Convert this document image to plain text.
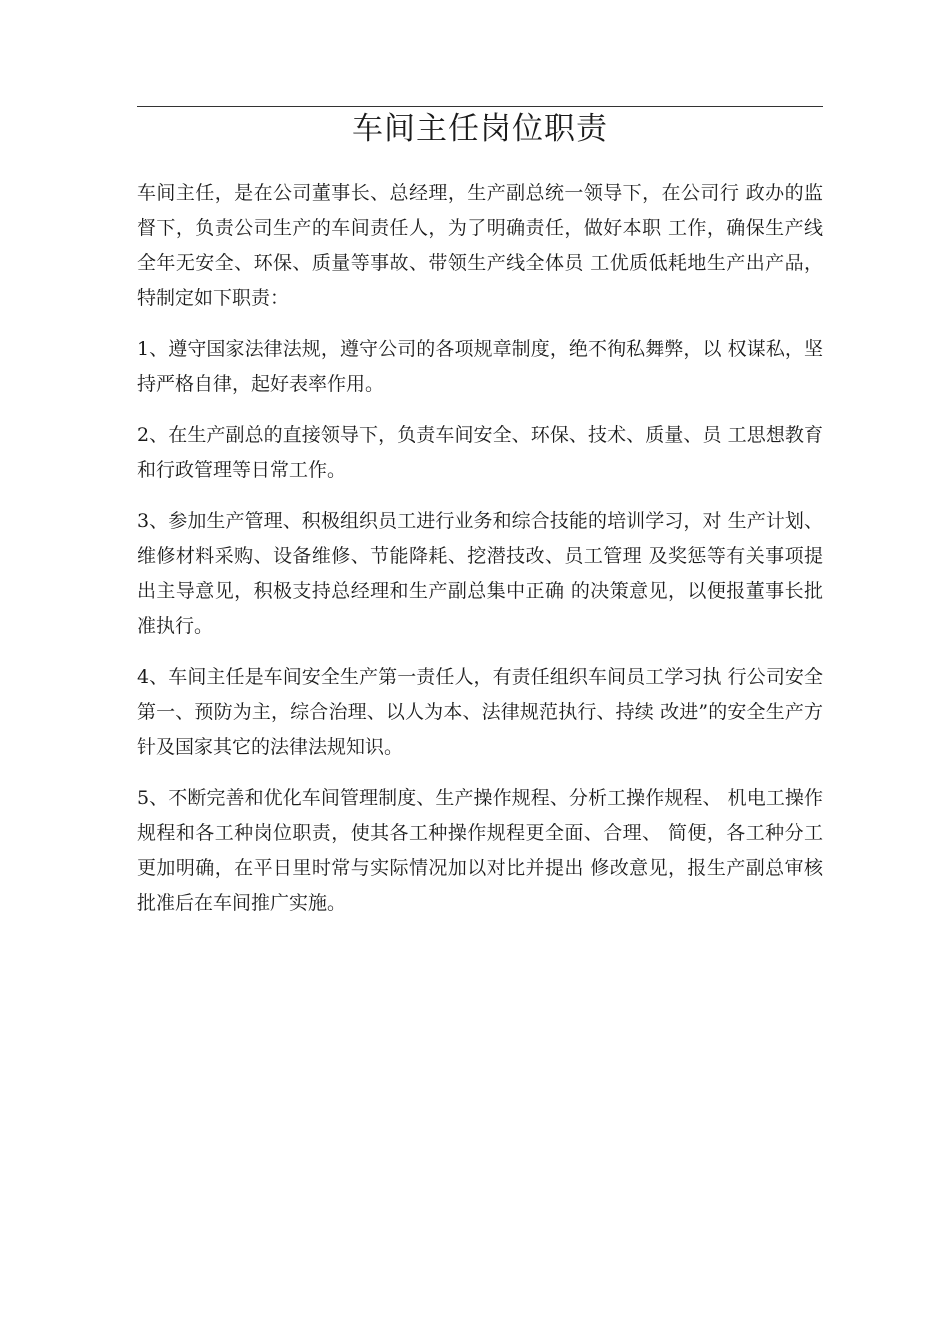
车间主任岗位职责

车间主任，是在公司董事长、总经理，生产副总统一领导下，在公司行 政办的监督下，负责公司生产的车间责任人，为了明确责任，做好本职 工作，确保生产线全年无安全、环保、质量等事故、带领生产线全体员 工优质低耗地生产出产品，特制定如下职责：

1、遵守国家法律法规，遵守公司的各项规章制度，绝不徇私舞弊，以 权谋私，坚持严格自律，起好表率作用。

2、在生产副总的直接领导下，负责车间安全、环保、技术、质量、员 工思想教育和行政管理等日常工作。

3、参加生产管理、积极组织员工进行业务和综合技能的培训学习，对 生产计划、维修材料采购、设备维修、节能降耗、挖潜技改、员工管理 及奖惩等有关事项提出主导意见，积极支持总经理和生产副总集中正确 的决策意见，以便报董事长批准执行。

4、车间主任是车间安全生产第一责任人，有责任组织车间员工学习执 行公司安全第一、预防为主，综合治理、以人为本、法律规范执行、持续 改进”的安全生产方针及国家其它的法律法规知识。

5、不断完善和优化车间管理制度、生产操作规程、分析工操作规程、 机电工操作规程和各工种岗位职责，使其各工种操作规程更全面、合理、 简便，各工种分工更加明确，在平日里时常与实际情况加以对比并提出 修改意见，报生产副总审核批准后在车间推广实施。
